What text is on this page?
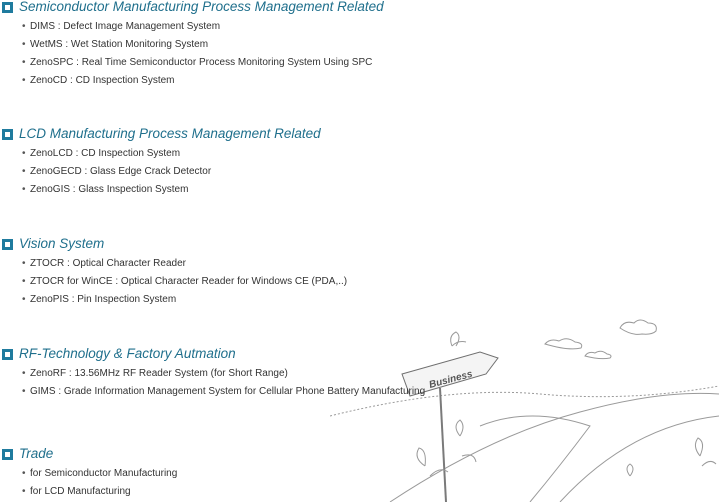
Business
Semiconductor Manufacturing Process Management Related
• DIMS : Defect Image Management System
• WetMS : Wet Station Monitoring System
• ZenoSPC : Real Time Semiconductor Process Monitoring System Using SPC
• ZenoCD : CD Inspection System
LCD Manufacturing Process Management Related
• ZenoLCD : CD Inspection System
• ZenoGECD : Glass Edge Crack Detector
• ZenoGIS : Glass Inspection System
Vision System
• ZTOCR : Optical Character Reader
• ZTOCR for WinCE : Optical Character Reader for Windows CE (PDA,..)
• ZenoPIS : Pin Inspection System
RF-Technology & Factory Autmation
• ZenoRF : 13.56MHz RF Reader System (for Short Range)
• GIMS : Grade Information Management System for Cellular Phone Battery Manufacturing
Trade
• for Semiconductor Manufacturing
• for LCD Manufacturing
